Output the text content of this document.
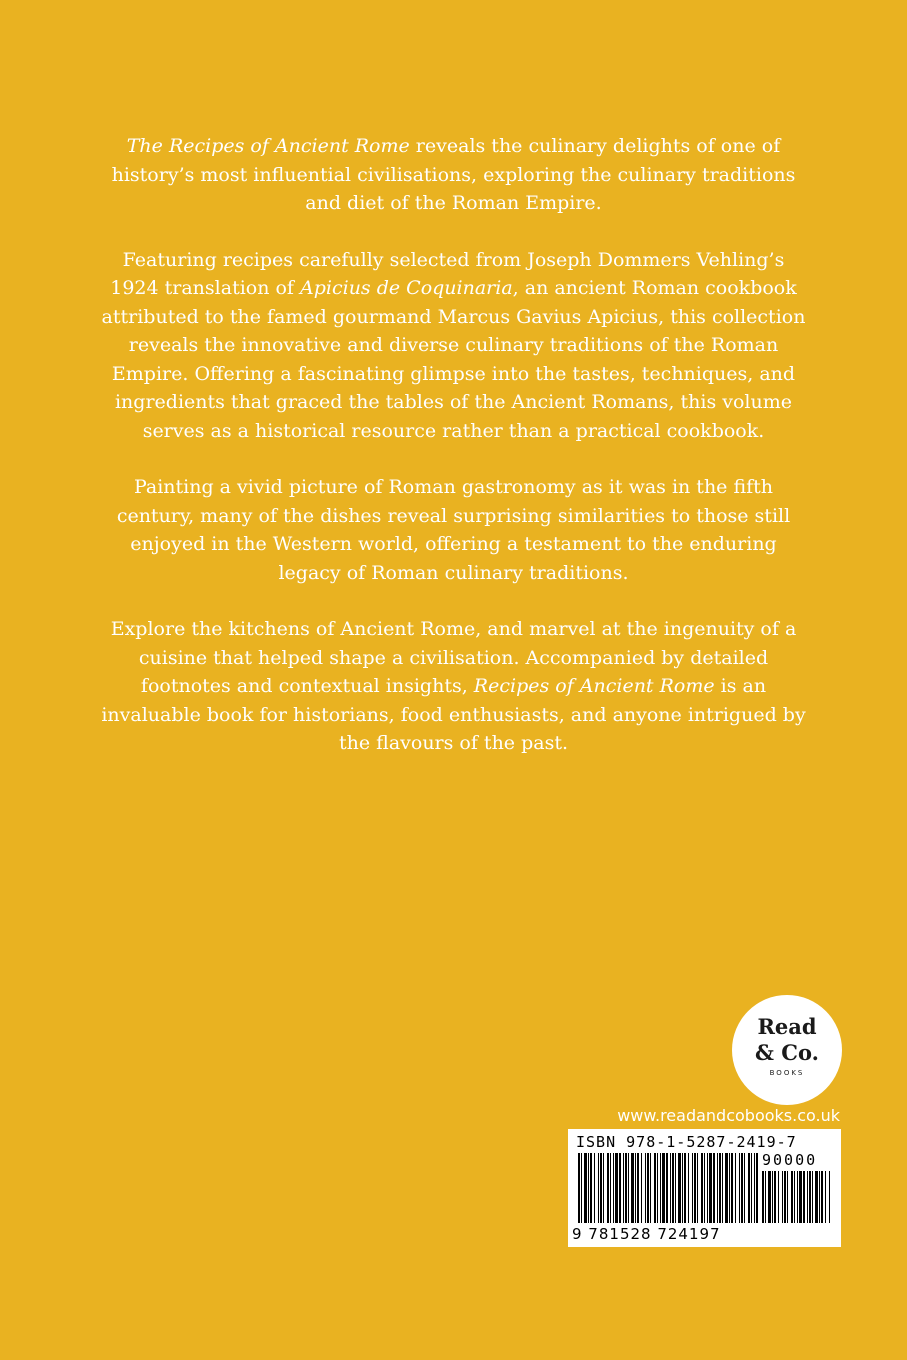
The Recipes of Ancient Rome reveals the culinary delights of one of history’s most influential civilisations, exploring the culinary traditions and diet of the Roman Empire.

Featuring recipes carefully selected from Joseph Dommers Vehling’s 1924 translation of Apicius de Coquinaria, an ancient Roman cookbook attributed to the famed gourmand Marcus Gavius Apicius, this collection reveals the innovative and diverse culinary traditions of the Roman Empire. Offering a fascinating glimpse into the tastes, techniques, and ingredients that graced the tables of the Ancient Romans, this volume serves as a historical resource rather than a practical cookbook.

Painting a vivid picture of Roman gastronomy as it was in the fifth century, many of the dishes reveal surprising similarities to those still enjoyed in the Western world, offering a testament to the enduring legacy of Roman culinary traditions.

Explore the kitchens of Ancient Rome, and marvel at the ingenuity of a cuisine that helped shape a civilisation. Accompanied by detailed footnotes and contextual insights, Recipes of Ancient Rome is an invaluable book for historians, food enthusiasts, and anyone intrigued by the flavours of the past.

Read
& Co.
BOOKS
www.readandcobooks.co.uk
ISBN 978-1-5287-2419-7
90000
9 781528 724197
